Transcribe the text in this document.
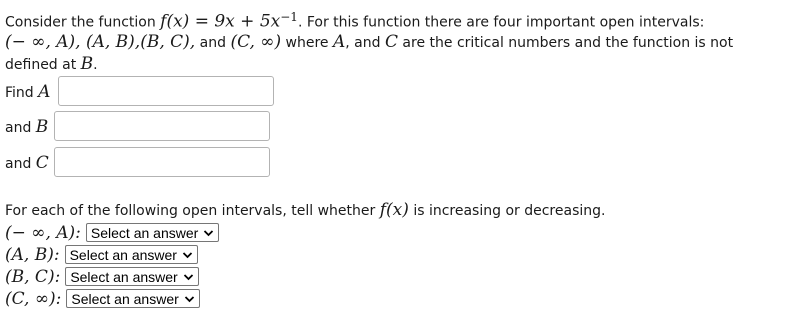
Consider the function $f(x) = 9x + 5x^{-1}$. For this function there are four important open intervals:
(− ∞, A), (A, B),(B, C), and (C, ∞) where A, and C are the critical numbers and the function is not
defined at B.
Find A
and B
and C
For each of the following open intervals, tell whether f(x) is increasing or decreasing.
(− ∞, A): Select an answer
(A, B): Select an answer
(B, C): Select an answer
(C, ∞): Select an answer
